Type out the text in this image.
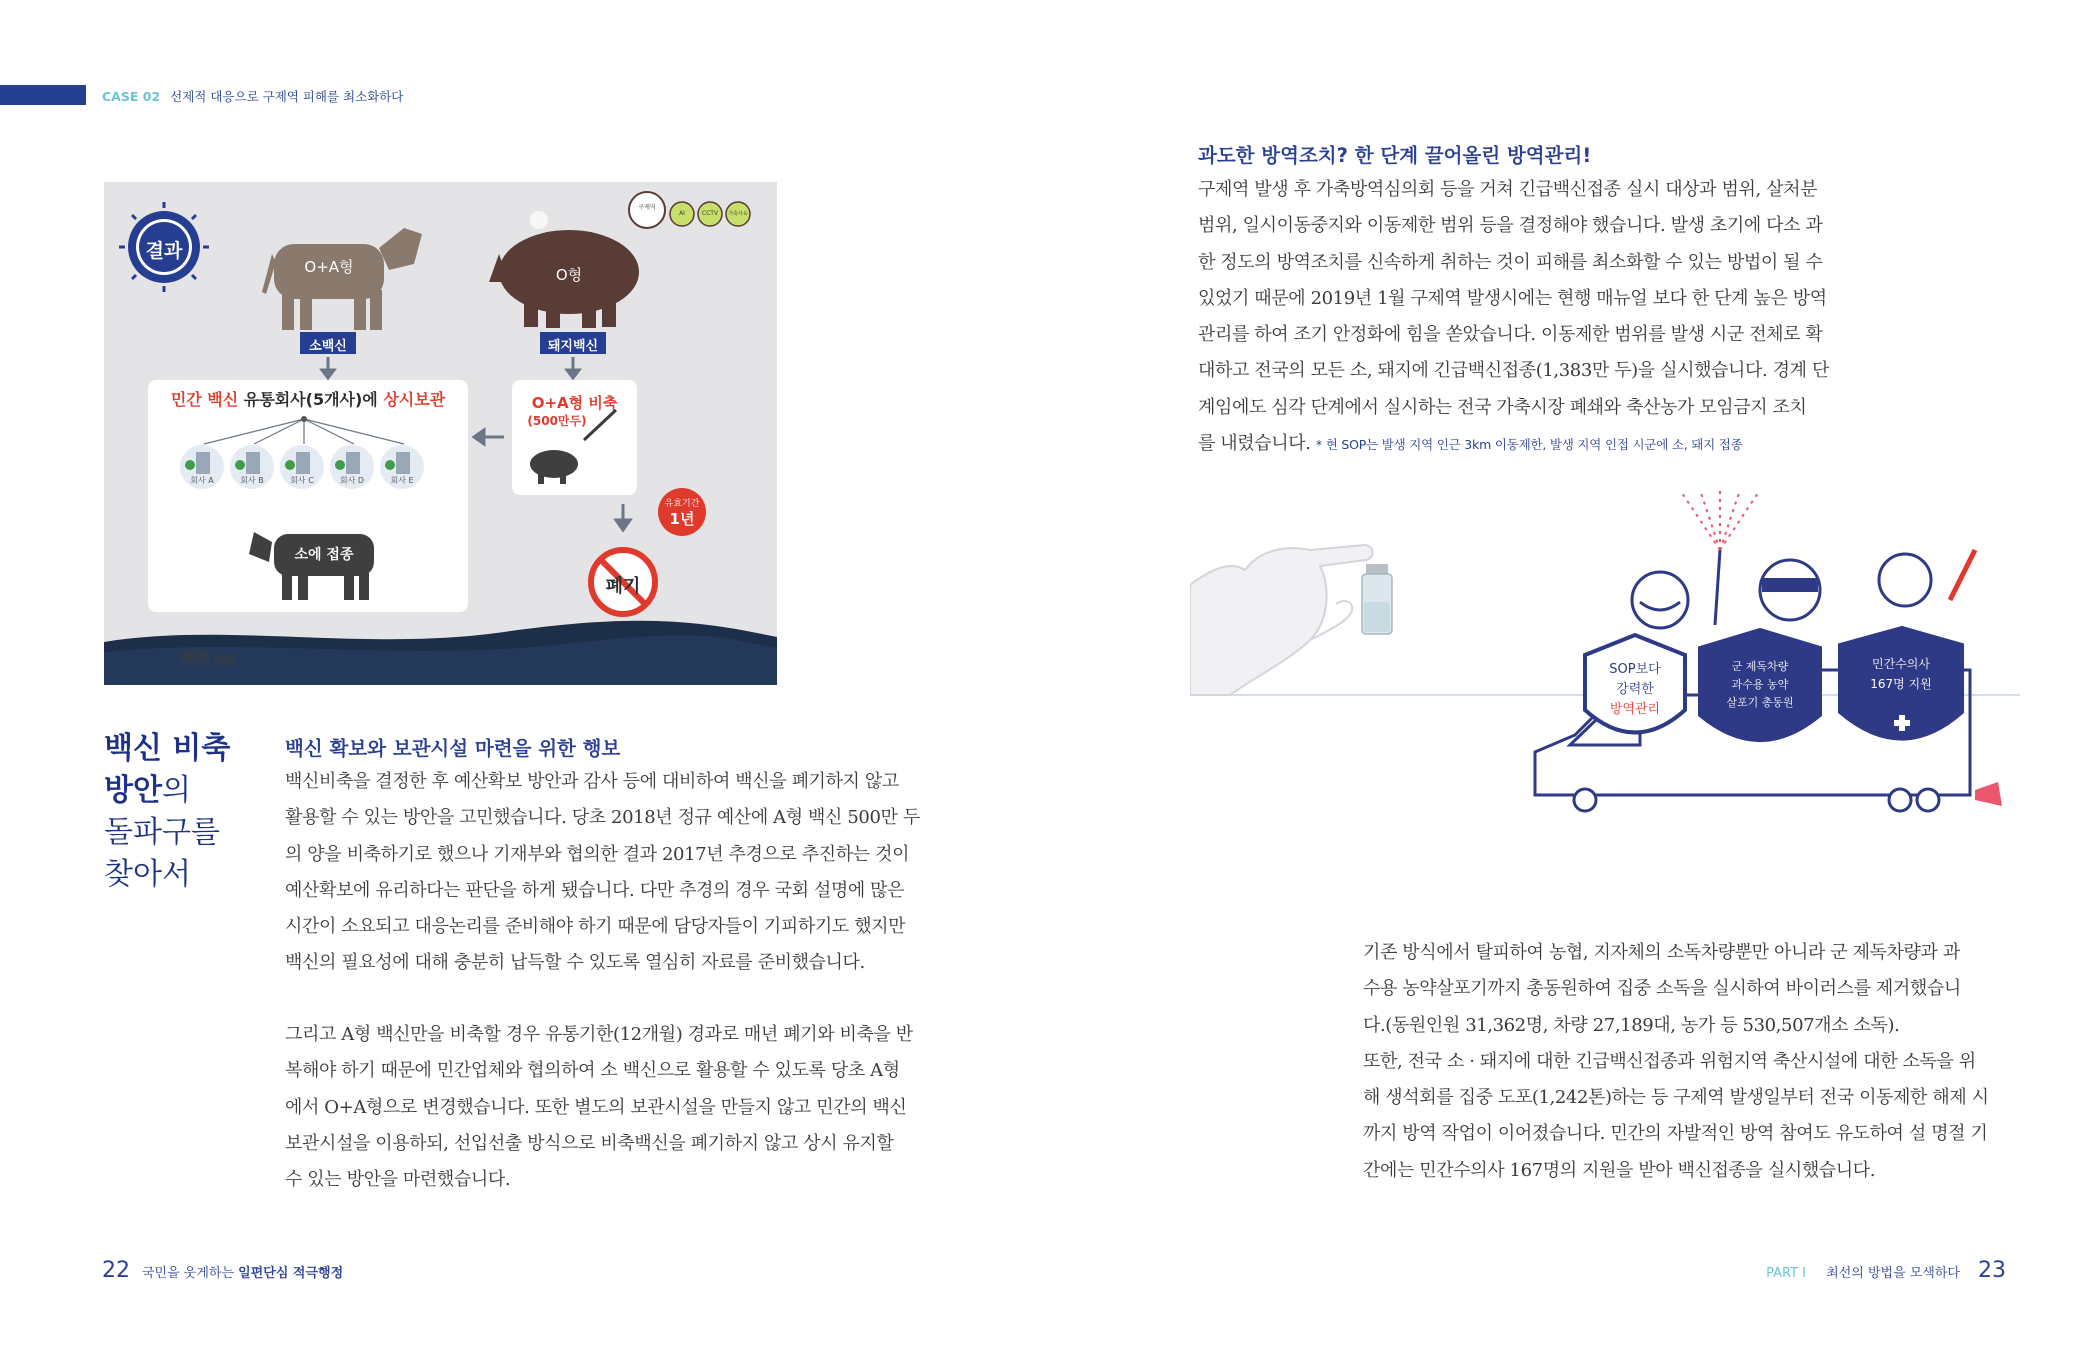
CASE 02 선제적 대응으로 구제역 피해를 최소화하다
결과
O+A형	O형
소백신	돼지백신
민간 백신 유통회사(5개사)에 상시보관
회사 A	회사 B	회사 C	회사 D	회사 E
소에 접종
O+A형 비축
(500만두)
유효기간
1년
폐기
구제역
AI	CCTV	가축사육
백신 비축
방안의
돌파구를
찾아서
백신 확보와 보관시설 마련을 위한 행보
백신비축을 결정한 후 예산확보 방안과 감사 등에 대비하여 백신을 폐기하지 않고
활용할 수 있는 방안을 고민했습니다. 당초 2018년 정규 예산에 A형 백신 500만 두
의 양을 비축하기로 했으나 기재부와 협의한 결과 2017년 추경으로 추진하는 것이
예산확보에 유리하다는 판단을 하게 됐습니다. 다만 추경의 경우 국회 설명에 많은
시간이 소요되고 대응논리를 준비해야 하기 때문에 담당자들이 기피하기도 했지만
백신의 필요성에 대해 충분히 납득할 수 있도록 열심히 자료를 준비했습니다.
그리고 A형 백신만을 비축할 경우 유통기한(12개월) 경과로 매년 폐기와 비축을 반
복해야 하기 때문에 민간업체와 협의하여 소 백신으로 활용할 수 있도록 당초 A형
에서 O+A형으로 변경했습니다. 또한 별도의 보관시설을 만들지 않고 민간의 백신
보관시설을 이용하되, 선입선출 방식으로 비축백신을 폐기하지 않고 상시 유지할
수 있는 방안을 마련했습니다.
과도한 방역조치? 한 단계 끌어올린 방역관리!
구제역 발생 후 가축방역심의회 등을 거쳐 긴급백신접종 실시 대상과 범위, 살처분
범위, 일시이동중지와 이동제한 범위 등을 결정해야 했습니다. 발생 초기에 다소 과
한 정도의 방역조치를 신속하게 취하는 것이 피해를 최소화할 수 있는 방법이 될 수
있었기 때문에 2019년 1월 구제역 발생시에는 현행 매뉴얼 보다 한 단계 높은 방역
관리를 하여 조기 안정화에 힘을 쏟았습니다. 이동제한 범위를 발생 시군 전체로 확
대하고 전국의 모든 소, 돼지에 긴급백신접종(1,383만 두)을 실시했습니다. 경계 단
계임에도 심각 단계에서 실시하는 전국 가축시장 폐쇄와 축산농가 모임금지 조치
를 내렸습니다. * 현 SOP는 발생 지역 인근 3km 이동제한, 발생 지역 인접 시군에 소, 돼지 접종
SOP보다
강력한
방역관리
군 제독차량
과수용 농약
살포기 총동원
민간수의사
167명 지원
기존 방식에서 탈피하여 농협, 지자체의 소독차량뿐만 아니라 군 제독차량과 과
수용 농약살포기까지 총동원하여 집중 소독을 실시하여 바이러스를 제거했습니
다.(동원인원 31,362명, 차량 27,189대, 농가 등 530,507개소 소독).
또한, 전국 소 · 돼지에 대한 긴급백신접종과 위험지역 축산시설에 대한 소독을 위
해 생석회를 집중 도포(1,242톤)하는 등 구제역 발생일부터 전국 이동제한 해제 시
까지 방역 작업이 이어졌습니다. 민간의 자발적인 방역 참여도 유도하여 설 명절 기
간에는 민간수의사 167명의 지원을 받아 백신접종을 실시했습니다.
22 국민을 웃게하는 일편단심 적극행정	PART Ⅰ 최선의 방법을 모색하다 23
